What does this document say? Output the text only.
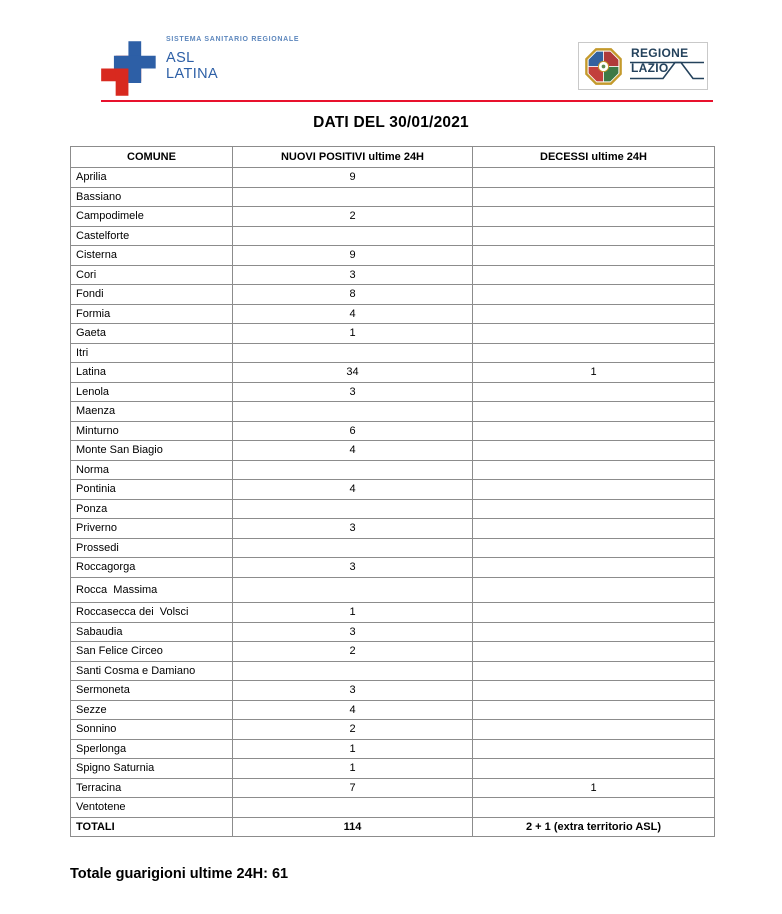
SISTEMA SANITARIO REGIONALE
ASL
LATINA
REGIONE
LAZIO
DATI DEL 30/01/2021
COMUNE	NUOVI POSITIVI ultime 24H	DECESSI ultime 24H
Aprilia	9	
Bassiano		
Campodimele	2	
Castelforte		
Cisterna	9	
Cori	3	
Fondi	8	
Formia	4	
Gaeta	1	
Itri		
Latina	34	1
Lenola	3	
Maenza		
Minturno	6	
Monte San Biagio	4	
Norma		
Pontinia	4	
Ponza		
Priverno	3	
Prossedi		
Roccagorga	3	
Rocca  Massima		
Roccasecca dei  Volsci	1	
Sabaudia	3	
San Felice Circeo	2	
Santi Cosma e Damiano		
Sermoneta	3	
Sezze	4	
Sonnino	2	
Sperlonga	1	
Spigno Saturnia	1	
Terracina	7	1
Ventotene		
TOTALI	114	2 + 1 (extra territorio ASL)
Totale guarigioni ultime 24H: 61
